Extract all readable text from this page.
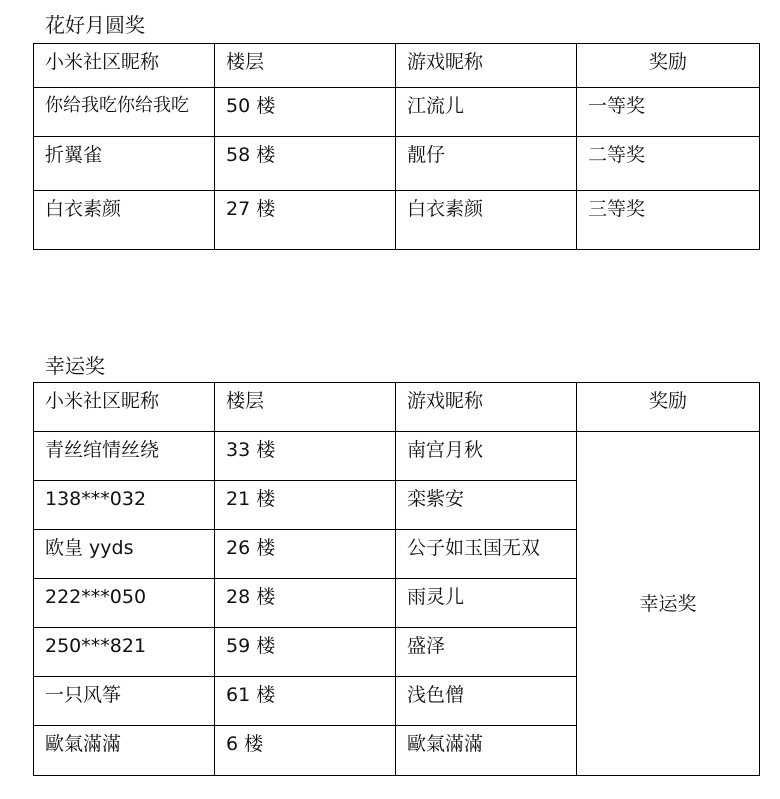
花好月圆奖
小米社区昵称	楼层	游戏昵称	奖励
你给我吃你给我吃	50 楼	江流儿	一等奖
折翼雀	58 楼	靓仔	二等奖
白衣素颜	27 楼	白衣素颜	三等奖
幸运奖
小米社区昵称	楼层	游戏昵称	奖励
青丝绾情丝绕	33 楼	南宫月秋	幸运奖
138***032	21 楼	栾紫安	
欧皇 yyds	26 楼	公子如玉国无双	
222***050	28 楼	雨灵儿	
250***821	59 楼	盛泽	
一只风筝	61 楼	浅色僧	
歐氣滿滿	6 楼	歐氣滿滿	
